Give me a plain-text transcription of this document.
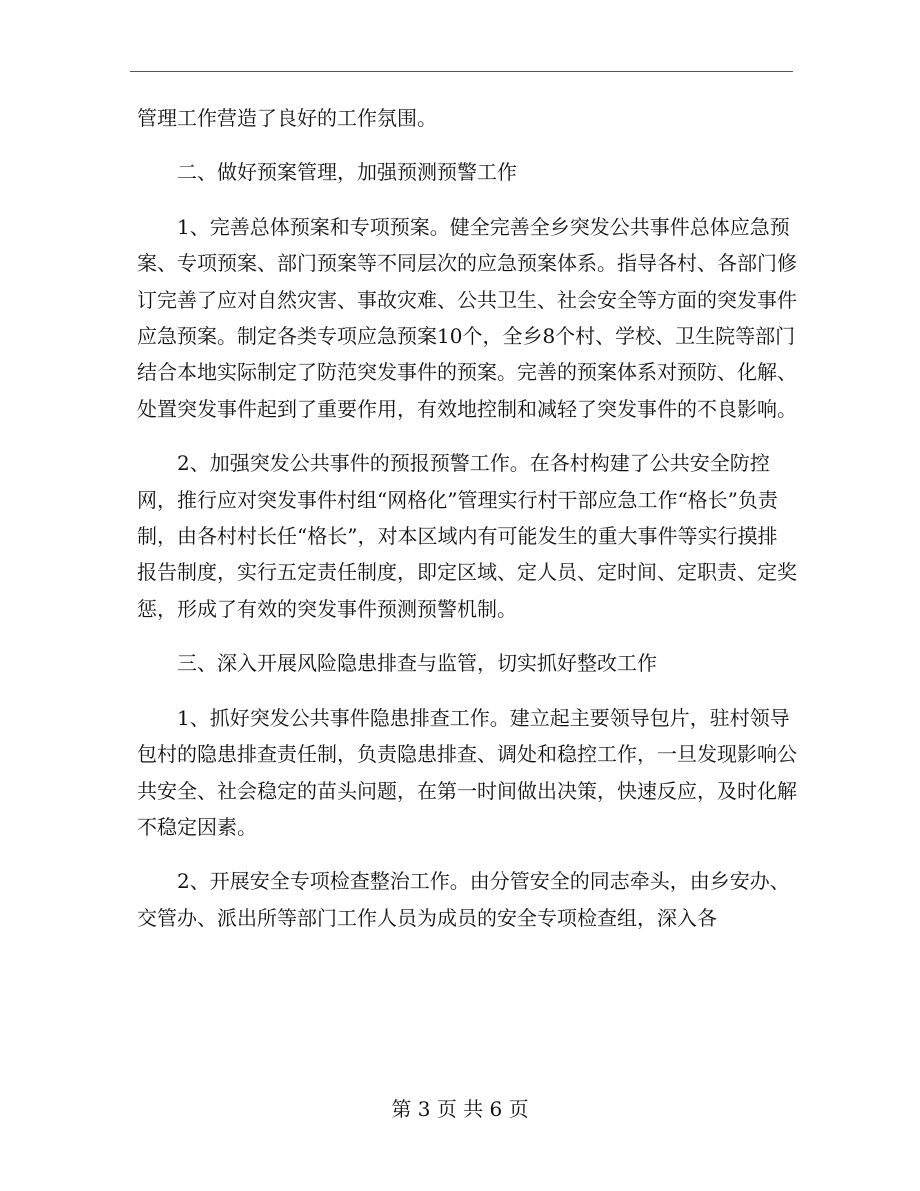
管理工作营造了良好的工作氛围。

二、做好预案管理，加强预测预警工作

1、完善总体预案和专项预案。健全完善全乡突发公共事件总体应急预案、专项预案、部门预案等不同层次的应急预案体系。指导各村、各部门修订完善了应对自然灾害、事故灾难、公共卫生、社会安全等方面的突发事件应急预案。制定各类专项应急预案10个，全乡8个村、学校、卫生院等部门结合本地实际制定了防范突发事件的预案。完善的预案体系对预防、化解、处置突发事件起到了重要作用，有效地控制和减轻了突发事件的不良影响。

2、加强突发公共事件的预报预警工作。在各村构建了公共安全防控网，推行应对突发事件村组“网格化”管理实行村干部应急工作“格长”负责制，由各村村长任“格长”，对本区域内有可能发生的重大事件等实行摸排报告制度，实行五定责任制度，即定区域、定人员、定时间、定职责、定奖惩，形成了有效的突发事件预测预警机制。

三、深入开展风险隐患排查与监管，切实抓好整改工作

1、抓好突发公共事件隐患排查工作。建立起主要领导包片，驻村领导包村的隐患排查责任制，负责隐患排查、调处和稳控工作，一旦发现影响公共安全、社会稳定的苗头问题，在第一时间做出决策，快速反应，及时化解不稳定因素。

2、开展安全专项检查整治工作。由分管安全的同志牵头，由乡安办、交管办、派出所等部门工作人员为成员的安全专项检查组，深入各

第 3 页 共 6 页
